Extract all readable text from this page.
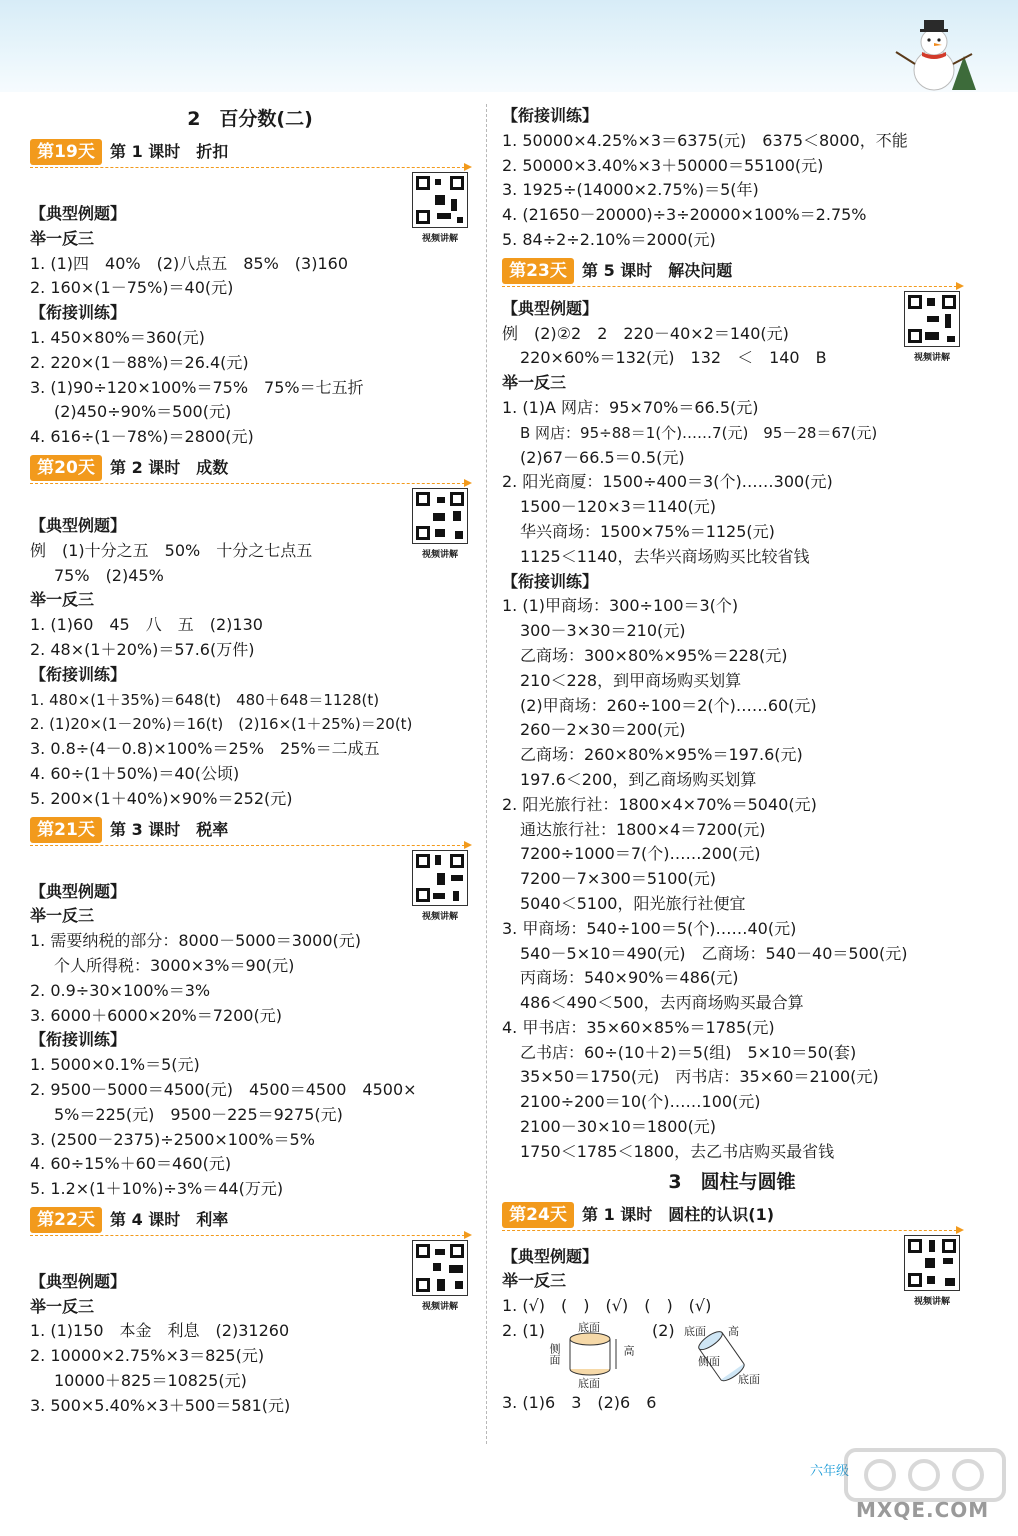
2　百分数(二)
第19天 第 1 课时　折扣
视频讲解
【典型例题】
举一反三
1. (1)四　40%　(2)八点五　85%　(3)160
2. 160×(1－75%)＝40(元)
【衔接训练】
1. 450×80%＝360(元)
2. 220×(1－88%)＝26.4(元)
3. (1)90÷120×100%＝75%　75%＝七五折
(2)450÷90%＝500(元)
4. 616÷(1－78%)＝2800(元)
第20天 第 2 课时　成数
视频讲解
【典型例题】
例　(1)十分之五　50%　十分之七点五
75%　(2)45%
举一反三
1. (1)60　45　八　五　(2)130
2. 48×(1＋20%)＝57.6(万件)
【衔接训练】
1. 480×(1＋35%)＝648(t)　480＋648＝1128(t)
2. (1)20×(1－20%)＝16(t)　(2)16×(1＋25%)＝20(t)
3. 0.8÷(4－0.8)×100%＝25%　25%＝二成五
4. 60÷(1＋50%)＝40(公顷)
5. 200×(1＋40%)×90%＝252(元)
第21天 第 3 课时　税率
视频讲解
【典型例题】
举一反三
1. 需要纳税的部分：8000－5000＝3000(元)
个人所得税：3000×3%＝90(元)
2. 0.9÷30×100%＝3%
3. 6000＋6000×20%＝7200(元)
【衔接训练】
1. 5000×0.1%＝5(元)
2. 9500－5000＝4500(元)　4500＝4500　4500×
5%＝225(元)　9500－225＝9275(元)
3. (2500－2375)÷2500×100%＝5%
4. 60÷15%＋60＝460(元)
5. 1.2×(1＋10%)÷3%＝44(万元)
第22天 第 4 课时　利率
视频讲解
【典型例题】
举一反三
1. (1)150　本金　利息　(2)31260
2. 10000×2.75%×3＝825(元)
10000＋825＝10825(元)
3. 500×5.40%×3＋500＝581(元)
【衔接训练】
1. 50000×4.25%×3＝6375(元)　6375＜8000，不能
2. 50000×3.40%×3＋50000＝55100(元)
3. 1925÷(14000×2.75%)＝5(年)
4. (21650－20000)÷3÷20000×100%＝2.75%
5. 84÷2÷2.10%＝2000(元)
第23天 第 5 课时　解决问题
视频讲解
【典型例题】
例　(2)②2　2　220－40×2＝140(元)
220×60%＝132(元)　132　＜　140　B
举一反三
1. (1)A 网店：95×70%＝66.5(元)
B 网店：95÷88＝1(个)……7(元)　95－28＝67(元)
(2)67－66.5＝0.5(元)
2. 阳光商厦：1500÷400＝3(个)……300(元)
1500－120×3＝1140(元)
华兴商场：1500×75%＝1125(元)
1125＜1140，去华兴商场购买比较省钱
【衔接训练】
1. (1)甲商场：300÷100＝3(个)
300－3×30＝210(元)
乙商场：300×80%×95%＝228(元)
210＜228，到甲商场购买划算
(2)甲商场：260÷100＝2(个)……60(元)
260－2×30＝200(元)
乙商场：260×80%×95%＝197.6(元)
197.6＜200，到乙商场购买划算
2. 阳光旅行社：1800×4×70%＝5040(元)
通达旅行社：1800×4＝7200(元)
7200÷1000＝7(个)……200(元)
7200－7×300＝5100(元)
5040＜5100，阳光旅行社便宜
3. 甲商场：540÷100＝5(个)……40(元)
540－5×10＝490(元)　乙商场：540－40＝500(元)
丙商场：540×90%＝486(元)
486＜490＜500，去丙商场购买最合算
4. 甲书店：35×60×85%＝1785(元)
乙书店：60÷(10＋2)＝5(组)　5×10＝50(套)
35×50＝1750(元)　丙书店：35×60＝2100(元)
2100÷200＝10(个)……100(元)
2100－30×10＝1800(元)
1750＜1785＜1800，去乙书店购买最省钱
3　圆柱与圆锥
第24天 第 1 课时　圆柱的认识(1)
视频讲解
【典型例题】
举一反三
1. (√)　(　)　(√)　(　)　(√)
2. (1)	底面
侧面	高
底面
(2) 底面
侧面
高
底面
3. (1)6　3　(2)6　6
六年级
MXQE.COM
